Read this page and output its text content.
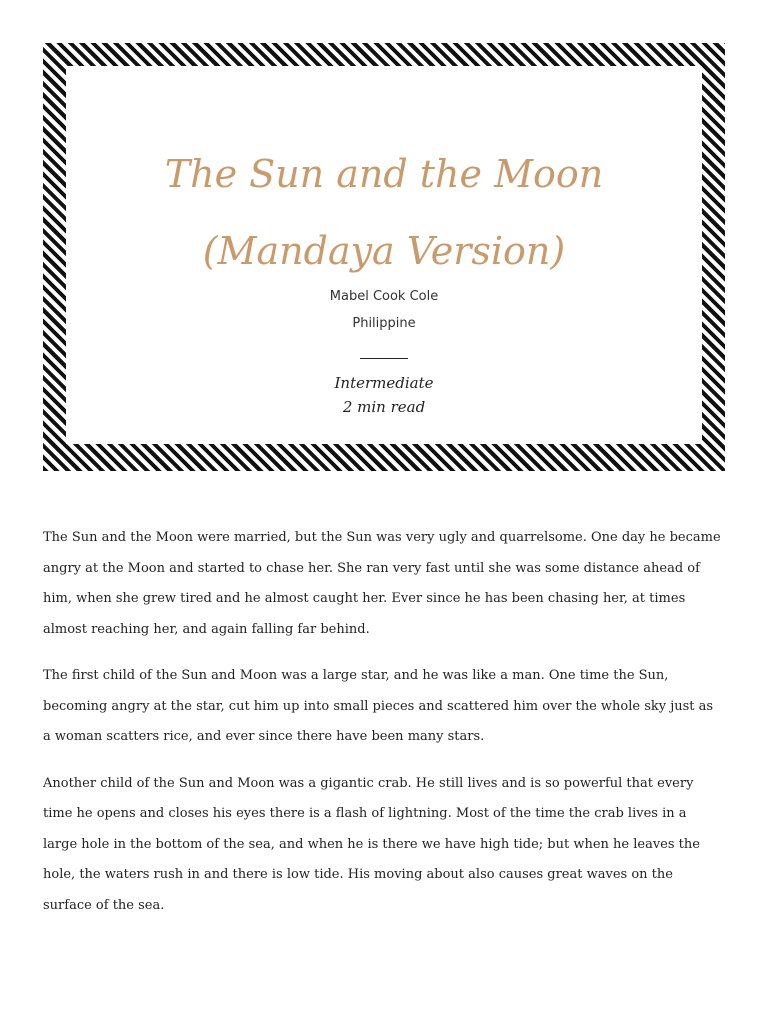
The Sun and the Moon
(Mandaya Version)
Mabel Cook Cole
Philippine
Intermediate
2 min read

The Sun and the Moon were married, but the Sun was very ugly and quarrelsome. One day he became angry at the Moon and started to chase her. She ran very fast until she was some distance ahead of him, when she grew tired and he almost caught her. Ever since he has been chasing her, at times almost reaching her, and again falling far behind.

The first child of the Sun and Moon was a large star, and he was like a man. One time the Sun, becoming angry at the star, cut him up into small pieces and scattered him over the whole sky just as a woman scatters rice, and ever since there have been many stars.

Another child of the Sun and Moon was a gigantic crab. He still lives and is so powerful that every time he opens and closes his eyes there is a flash of lightning. Most of the time the crab lives in a large hole in the bottom of the sea, and when he is there we have high tide; but when he leaves the hole, the waters rush in and there is low tide. His moving about also causes great waves on the surface of the sea.
